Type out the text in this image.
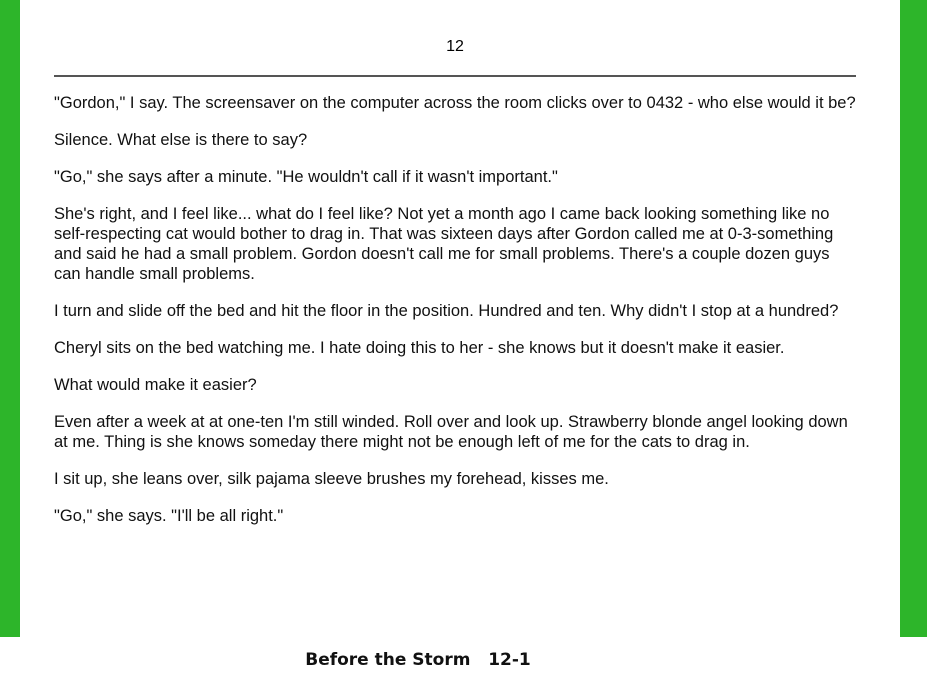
12

"Gordon," I say. The screensaver on the computer across the room clicks over to 0432 - who else would it be?

Silence. What else is there to say?

"Go," she says after a minute. "He wouldn't call if it wasn't important."

She's right, and I feel like... what do I feel like? Not yet a month ago I came back looking something like no self-respecting cat would bother to drag in. That was sixteen days after Gordon called me at 0-3-something and said he had a small problem. Gordon doesn't call me for small problems. There's a couple dozen guys can handle small problems.

I turn and slide off the bed and hit the floor in the position. Hundred and ten. Why didn't I stop at a hundred?

Cheryl sits on the bed watching me. I hate doing this to her - she knows but it doesn't make it easier.

What would make it easier?

Even after a week at at one-ten I'm still winded. Roll over and look up. Strawberry blonde angel looking down at me. Thing is she knows someday there might not be enough left of me for the cats to drag in.

I sit up, she leans over, silk pajama sleeve brushes my forehead, kisses me.

"Go," she says. "I'll be all right."

Before the Storm   12-1
